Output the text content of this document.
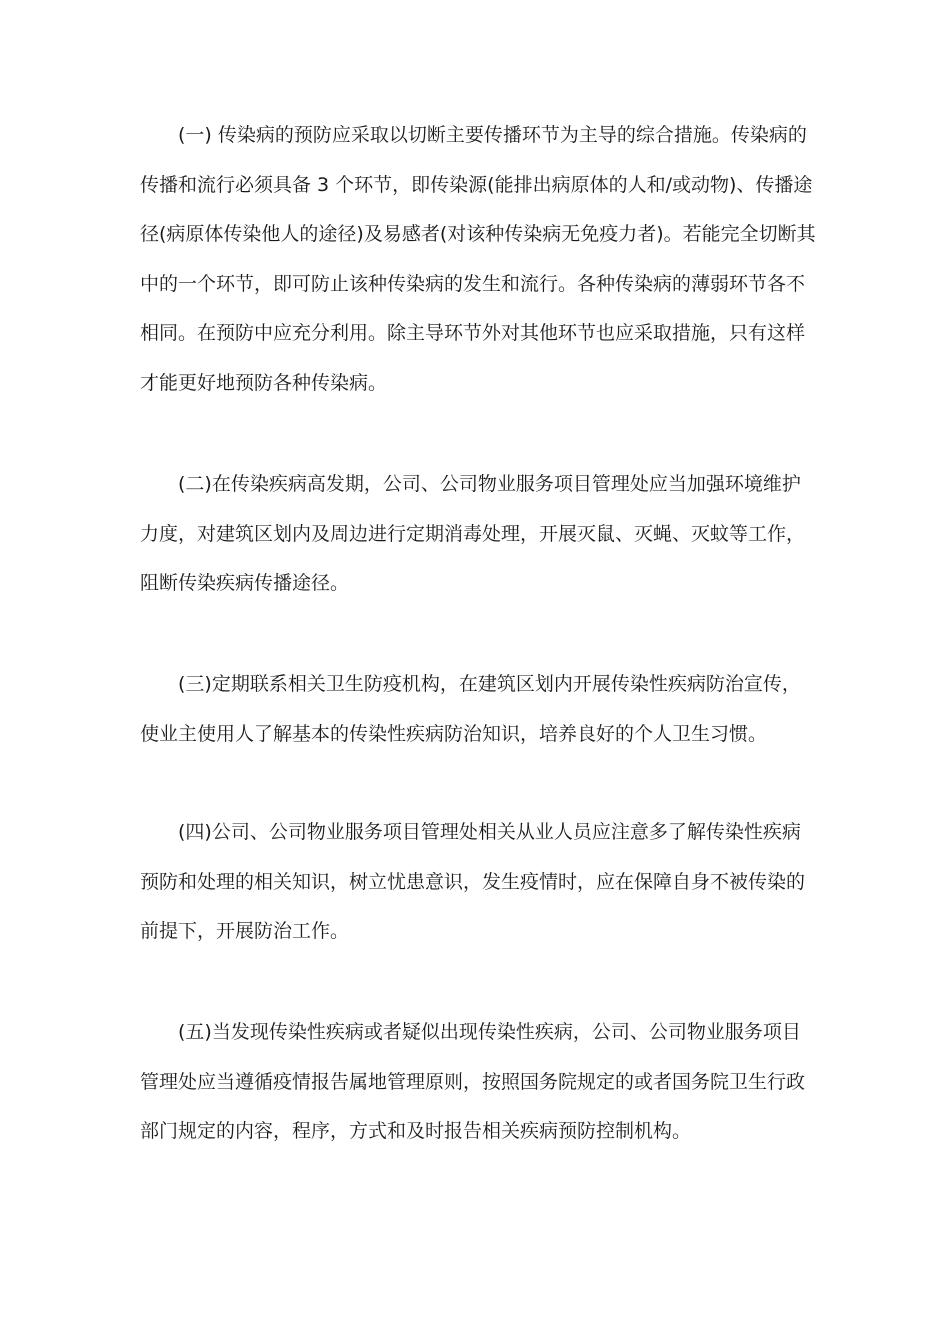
(一) 传染病的预防应采取以切断主要传播环节为主导的综合措施。传染病的
传播和流行必须具备 3 个环节，即传染源(能排出病原体的人和/或动物)、传播途
径(病原体传染他人的途径)及易感者(对该种传染病无免疫力者)。若能完全切断其
中的一个环节，即可防止该种传染病的发生和流行。各种传染病的薄弱环节各不
相同。在预防中应充分利用。除主导环节外对其他环节也应采取措施，只有这样
才能更好地预防各种传染病。

(二)在传染疾病高发期，公司、公司物业服务项目管理处应当加强环境维护
力度，对建筑区划内及周边进行定期消毒处理，开展灭鼠、灭蝇、灭蚊等工作，
阻断传染疾病传播途径。

(三)定期联系相关卫生防疫机构，在建筑区划内开展传染性疾病防治宣传，
使业主使用人了解基本的传染性疾病防治知识，培养良好的个人卫生习惯。

(四)公司、公司物业服务项目管理处相关从业人员应注意多了解传染性疾病
预防和处理的相关知识，树立忧患意识，发生疫情时，应在保障自身不被传染的
前提下，开展防治工作。

(五)当发现传染性疾病或者疑似出现传染性疾病，公司、公司物业服务项目
管理处应当遵循疫情报告属地管理原则，按照国务院规定的或者国务院卫生行政
部门规定的内容，程序，方式和及时报告相关疾病预防控制机构。
